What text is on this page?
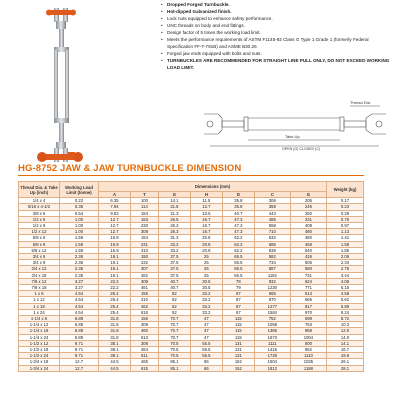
• Dropped Forged Turnbuckle.
• Hot-dipped Galvanized finish.
• Lock nuts equipped to enhance safety performance.
• UNC threads on body and end fittings.
• Design factor of 5 times the working load limit.
• Meets the performance requirements of ASTM F1145-92 Class G Type 1 Grade 1 (formerly Federal Specification FF-T-791B) and ASME B30.26
• Forged jaw ends equipped with bolts and nuts.
• TURNBUCKLES ARE RECOMMENDED FOR STRAIGHT LINE PULL ONLY, DO NOT EXCEED WORKING LOAD LIMIT.
Thread Dia.
Take Up
OPEN (G) CLOSED (C)
HG-8752 JAW & JAW TURNBUCKLE DIMENSION
Thread Dia. & Take Up (inch)	Working Load Limit (tonne)	Dimensions (mm)							Weight (kg)
		A	T	G	H	D	C	G	
1/4 x 4	0.22	6.35	100	14.1	11.5	35.8	306	205	0.17
5/16 x 4-1/2	0.36	7.94	114	21.8	12.7	35.8	359	245	0.23
3/8 x 6	0.54	9.53	154	21.3	13.5	40.7	443	292	0.29
1/2 x 6	1.00	12.7	153	26.5	16.7	47.3	485	331	0.75
1/2 x 9	1.00	12.7	230	26.3	16.7	47.3	559	408	0.97
1/2 x 12	1.00	12.7	308	26.3	16.7	47.3	710	480	1.13
5/8 x 6	1.59	15.9	154	31.3	20.8	62.2	532	380	1.41
5/8 x 9	1.59	15.9	231	33.2	20.8	62.2	686	458	1.58
5/8 x 12	1.59	15.9	310	33.2	20.8	62.2	838	540	1.85
3/4 x 6	2.36	19.1	150	37.5	25	65.5	582	426	2.09
3/4 x 9	2.36	19.1	232	37.5	25	65.5	734	505	2.34
3/4 x 12	2.36	19.1	307	37.5	25	65.5	887	580	2.75
3/4 x 18	2.36	19.1	462	37.5	25	65.5	1192	731	3.44
7/8 x 12	3.27	22.2	309	40.7	30.5	79	932	624	4.09
7/8 x 18	3.27	22.2	461	40.7	30.5	79	1230	771	5.15
1 x 6	4.54	25.4	155	52	33.2	87	665	513	4.58
1 x 12	4.54	25.4	310	52	33.2	87	970	665	5.62
1 x 18	4.54	25.4	462	52	33.2	87	1277	817	6.89
1 x 24	4.54	25.4	616	52	33.2	87	1584	970	8.24
1-1/4 x 6	6.89	31.8	156	70.7	47	115	752	599	8.72
1-1/4 x 12	6.89	31.8	309	70.7	47	115	1058	753	10.3
1-1/4 x 18	6.89	31.8	460	70.7	47	115	1365	958	12.0
1-1/4 x 24	6.89	31.8	613	70.7	47	115	1673	1004	14.0
1-1/2 x 12	9.71	38.1	308	70.5	55.5	131	1111	800	14.1
1-1/2 x 18	9.71	38.1	464	70.5	55.5	131	1415	952	16.7
1-1/2 x 24	9.71	38.1	611	70.5	55.5	131	1726	1110	19.6
1-3/4 x 18	12.7	44.5	465	85.1	66	152	1504	1035	26.1
1-3/4 x 24	12.7	44.5	615	85.1	66	152	1812	1188	28.1
